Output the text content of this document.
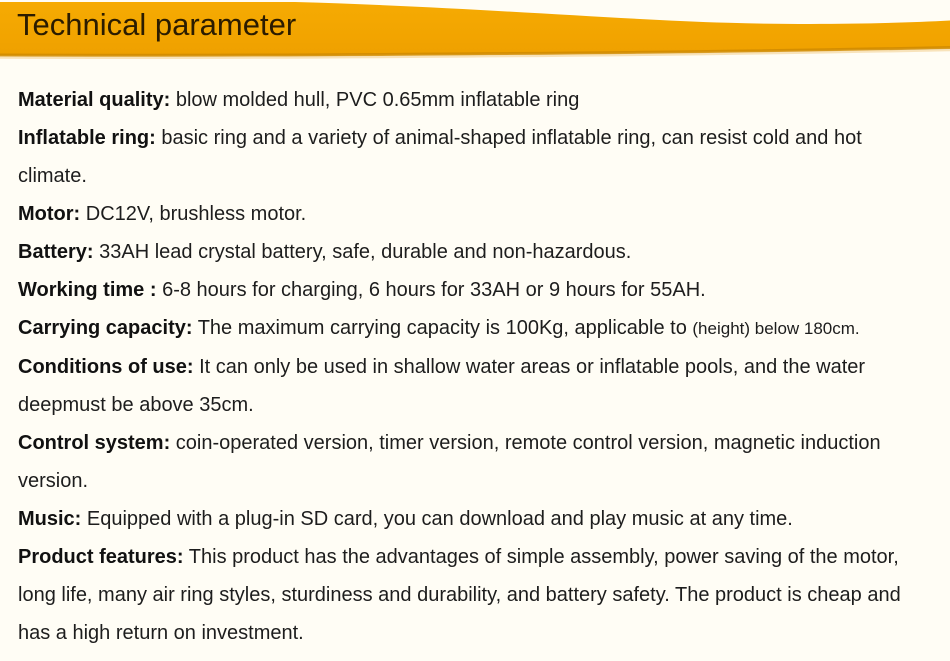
Technical parameter

Material quality: blow molded hull, PVC 0.65mm inflatable ring

Inflatable ring: basic ring and a variety of animal-shaped inflatable ring, can resist cold and hot climate.

Motor: DC12V, brushless motor.

Battery: 33AH lead crystal battery, safe, durable and non-hazardous.

Working time : 6-8 hours for charging, 6 hours for 33AH or 9 hours for 55AH.

Carrying capacity: The maximum carrying capacity is 100Kg, applicable to (height) below 180cm.

Conditions of use: It can only be used in shallow water areas or inflatable pools, and the water deepmust be above 35cm.

Control system: coin-operated version, timer version, remote control version, magnetic induction version.

Music: Equipped with a plug-in SD card, you can download and play music at any time.

Product features: This product has the advantages of simple assembly, power saving of the motor, long life, many air ring styles, sturdiness and durability, and battery safety. The product is cheap and has a high return on investment.
